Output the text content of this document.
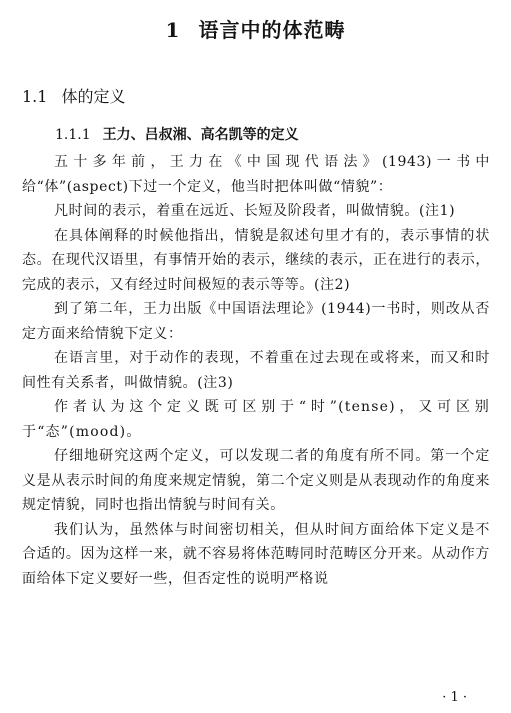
1 语言中的体范畴
1.1 体的定义
1.1.1 王力、吕叔湘、高名凯等的定义

五十多年前，王力在《中国现代语法》(1943)一书中给“体”(aspect)下过一个定义，他当时把体叫做“情貌”：

凡时间的表示，着重在远近、长短及阶段者，叫做情貌。(注1)

在具体阐释的时候他指出，情貌是叙述句里才有的，表示事情的状态。在现代汉语里，有事情开始的表示，继续的表示，正在进行的表示，完成的表示，又有经过时间极短的表示等等。(注2)

到了第二年，王力出版《中国语法理论》(1944)一书时，则改从否定方面来给情貌下定义：

在语言里，对于动作的表现，不着重在过去现在或将来，而又和时间性有关系者，叫做情貌。(注3)

作者认为这个定义既可区别于“时”(tense)，又可区别于“态”(mood)。

仔细地研究这两个定义，可以发现二者的角度有所不同。第一个定义是从表示时间的角度来规定情貌，第二个定义则是从表现动作的角度来规定情貌，同时也指出情貌与时间有关。

我们认为，虽然体与时间密切相关，但从时间方面给体下定义是不合适的。因为这样一来，就不容易将体范畴同时范畴区分开来。从动作方面给体下定义要好一些，但否定性的说明严格说

· 1 ·
